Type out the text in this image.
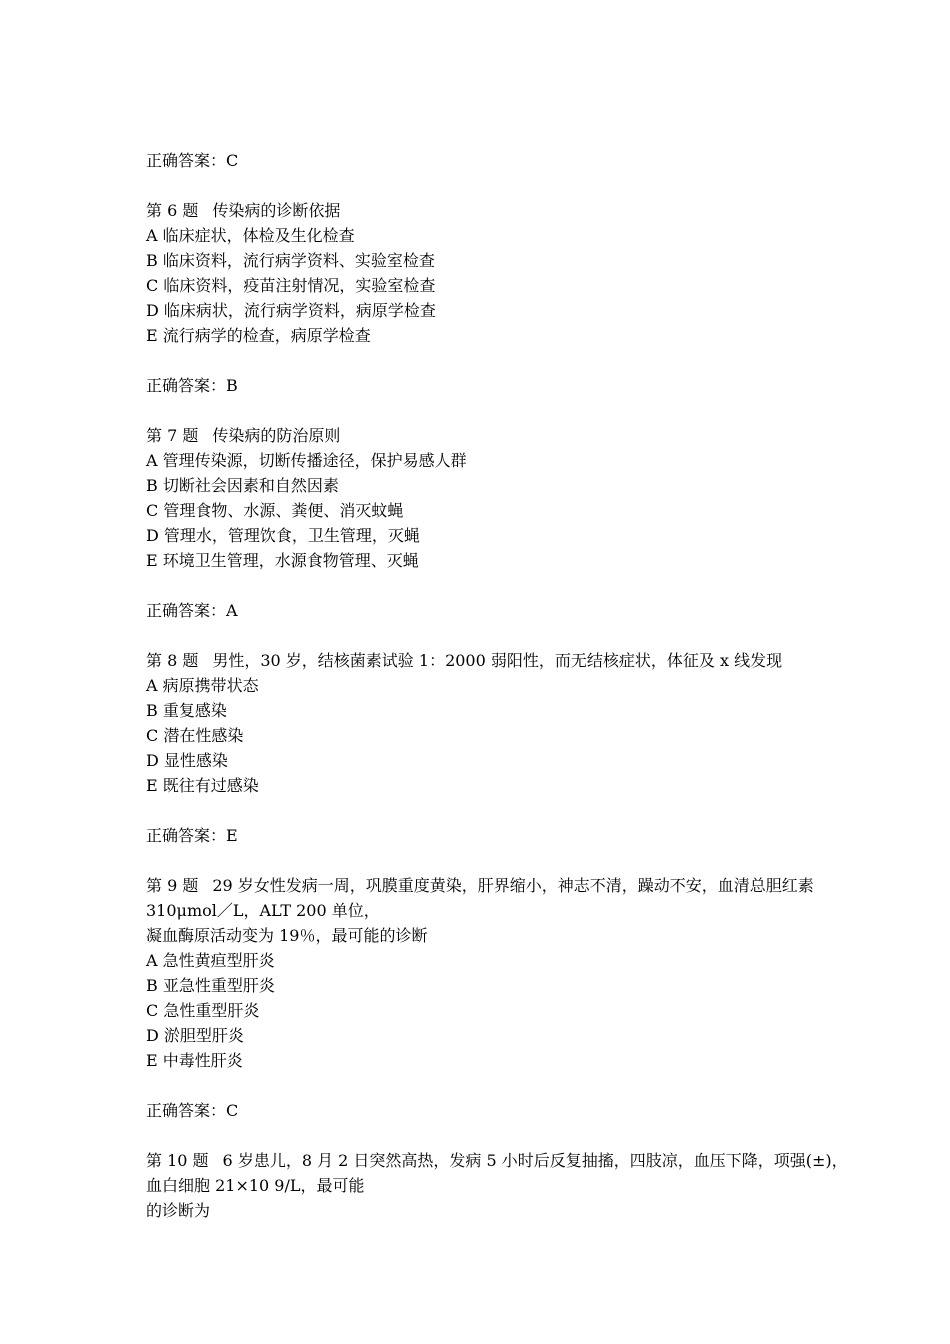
正确答案：C
第 6 题 传染病的诊断依据
A 临床症状，体检及生化检查
B 临床资料，流行病学资料、实验室检查
C 临床资料，疫苗注射情况，实验室检查
D 临床病状，流行病学资料，病原学检查
E 流行病学的检查，病原学检查
正确答案：B
第 7 题 传染病的防治原则
A 管理传染源，切断传播途径，保护易感人群
B 切断社会因素和自然因素
C 管理食物、水源、粪便、消灭蚊蝇
D 管理水，管理饮食，卫生管理，灭蝇
E 环境卫生管理，水源食物管理、灭蝇
正确答案：A
第 8 题 男性，30 岁，结核菌素试验 1：2000 弱阳性，而无结核症状，体征及 x 线发现
A 病原携带状态
B 重复感染
C 潜在性感染
D 显性感染
E 既往有过感染
正确答案：E
第 9 题 29 岁女性发病一周，巩膜重度黄染，肝界缩小，神志不清，躁动不安，血清总胆红素
310μmol／L，ALT 200 单位，
凝血酶原活动变为 19％，最可能的诊断
A 急性黄疸型肝炎
B 亚急性重型肝炎
C 急性重型肝炎
D 淤胆型肝炎
E 中毒性肝炎
正确答案：C
第 10 题 6 岁患儿，8 月 2 日突然高热，发病 5 小时后反复抽搐，四肢凉，血压下降，项强(±)，
血白细胞 21×10 9/L，最可能
的诊断为
